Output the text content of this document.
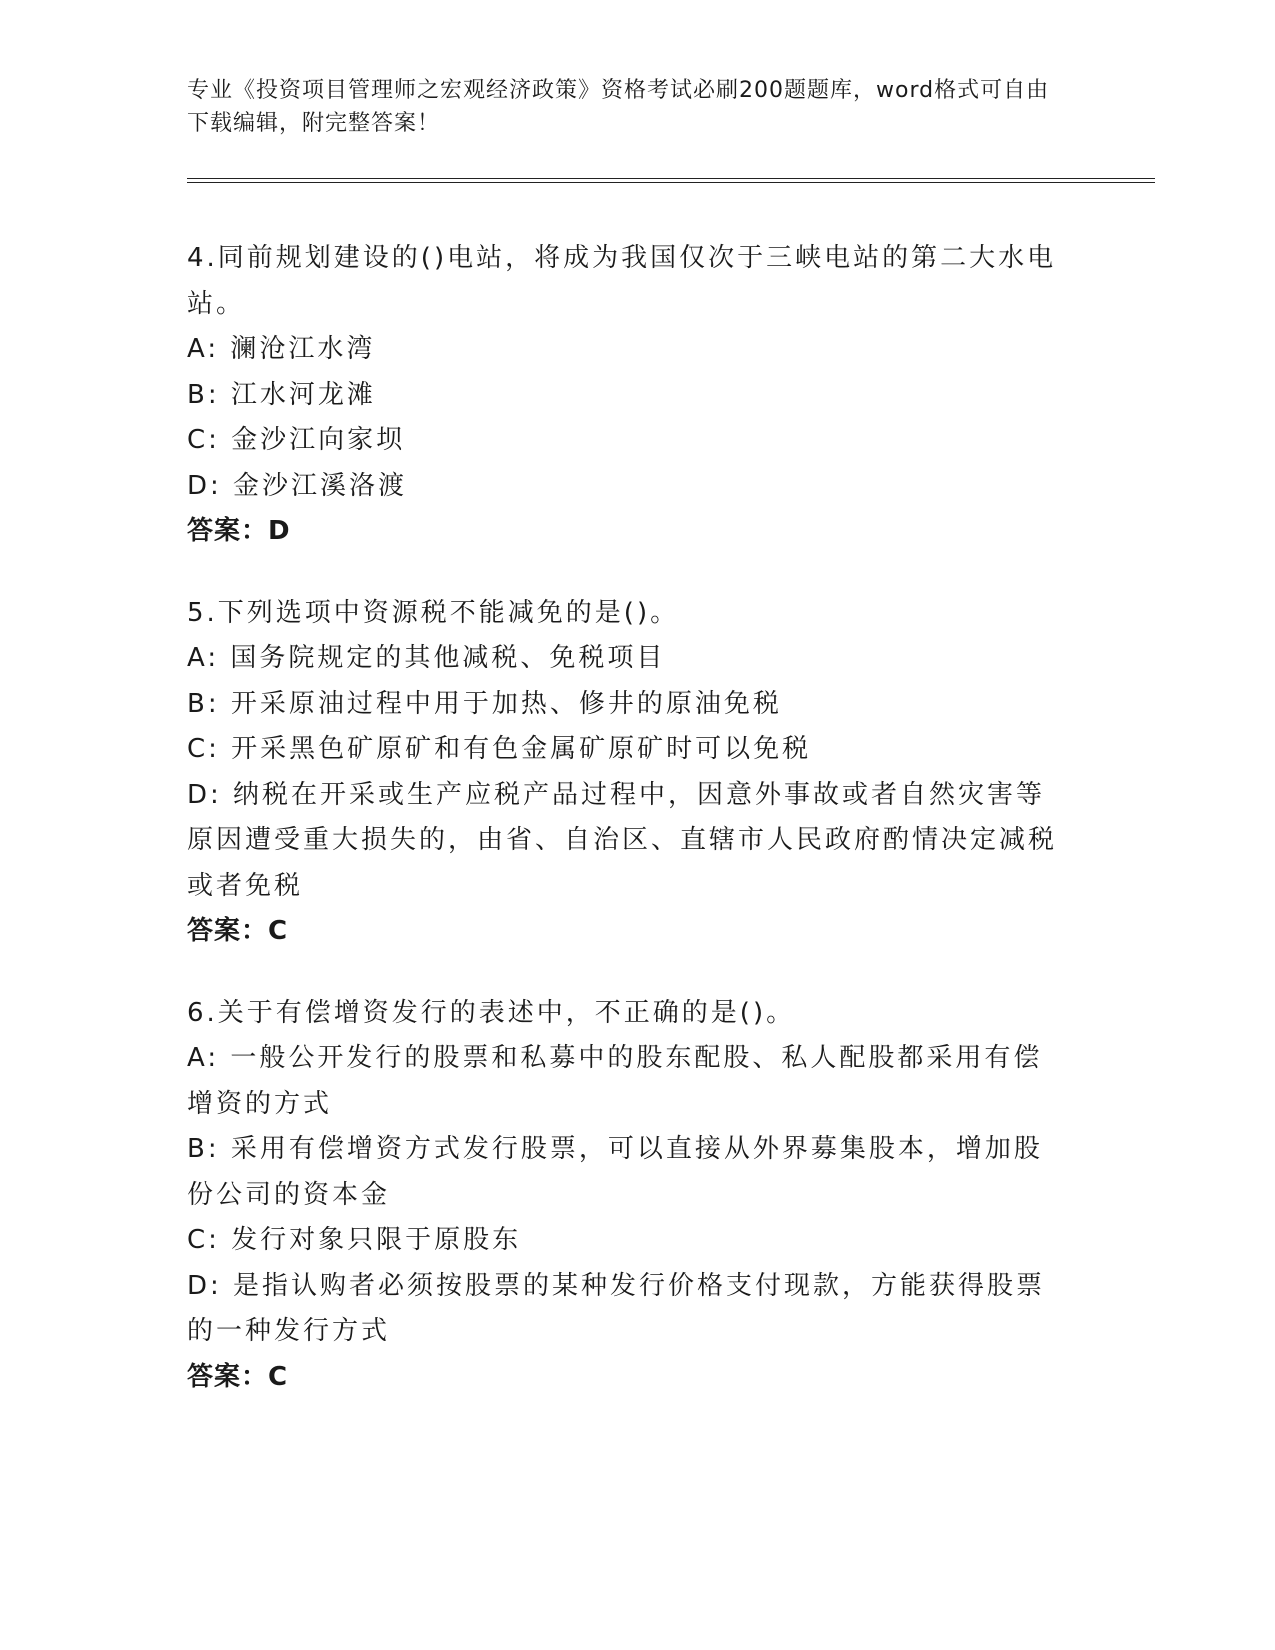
专业《投资项目管理师之宏观经济政策》资格考试必刷200题题库，word格式可自由下载编辑，附完整答案！
4.同前规划建设的()电站，将成为我国仅次于三峡电站的第二大水电站。
A: 澜沧江水湾
B: 江水河龙滩
C: 金沙江向家坝
D: 金沙江溪洛渡
答案：D
5.下列选项中资源税不能减免的是()。
A: 国务院规定的其他减税、免税项目
B: 开采原油过程中用于加热、修井的原油免税
C: 开采黑色矿原矿和有色金属矿原矿时可以免税
D: 纳税在开采或生产应税产品过程中，因意外事故或者自然灾害等原因遭受重大损失的，由省、自治区、直辖市人民政府酌情决定减税或者免税
答案：C
6.关于有偿增资发行的表述中，不正确的是()。
A: 一般公开发行的股票和私募中的股东配股、私人配股都采用有偿增资的方式
B: 采用有偿增资方式发行股票，可以直接从外界募集股本，增加股份公司的资本金
C: 发行对象只限于原股东
D: 是指认购者必须按股票的某种发行价格支付现款，方能获得股票的一种发行方式
答案：C
